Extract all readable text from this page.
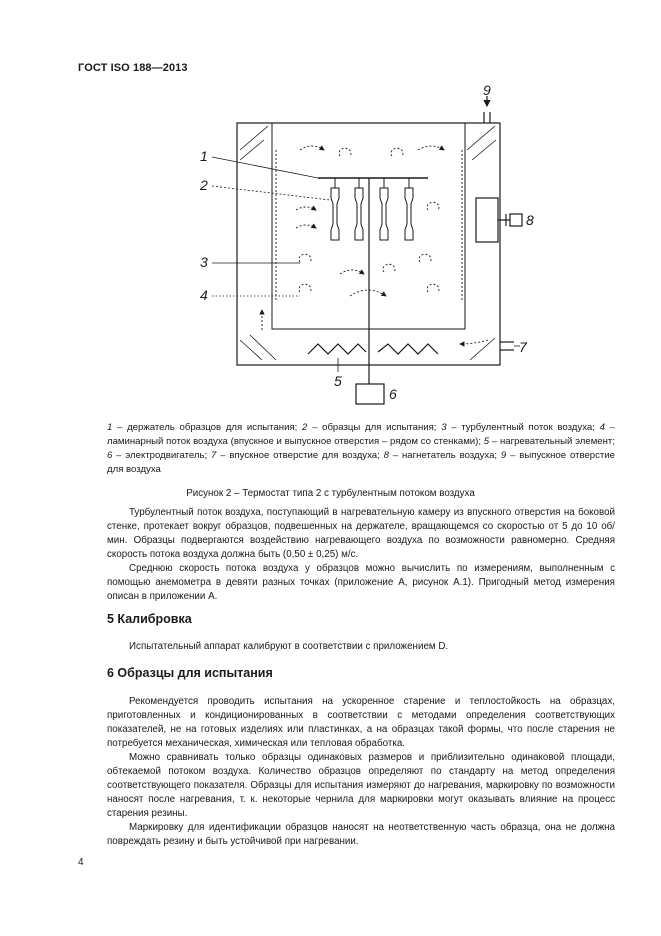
ГОСТ ISO 188—2013
1
2
3
4
5
6
7
8
9
1 – держатель образцов для испытания; 2 – образцы для испытания; 3 – турбулентный поток воздуха; 4 – ламинарный поток воздуха (впускное и выпускное отверстия – рядом со стенками); 5 – нагревательный элемент; 6 – электродвигатель; 7 – впускное отверстие для воздуха; 8 – нагнетатель воздуха; 9 – выпускное отверстие для воздуха
Рисунок 2 – Термостат типа 2 с турбулентным потоком воздуха

Турбулентный поток воздуха, поступающий в нагревательную камеру из впускного отверстия на боковой стенке, протекает вокруг образцов, подвешенных на держателе, вращающемся со скоростью от 5 до 10 об/мин. Образцы подвергаются воздействию нагревающего воздуха по возможности равномерно. Средняя скорость потока воздуха должна быть (0,50 ± 0,25) м/с.

Среднюю скорость потока воздуха у образцов можно вычислить по измерениям, выполненным с помощью анемометра в девяти разных точках (приложение А, рисунок А.1). Пригодный метод измерения описан в приложении А.

5 Калибровка

Испытательный аппарат калибруют в соответствии с приложением D.

6 Образцы для испытания

Рекомендуется проводить испытания на ускоренное старение и теплостойкость на образцах, приготовленных и кондиционированных в соответствии с методами определения соответствующих показателей, не на готовых изделиях или пластинках, а на образцах такой формы, что после старения не потребуется механическая, химическая или тепловая обработка.

Можно сравнивать только образцы одинаковых размеров и приблизительно одинаковой площади, обтекаемой потоком воздуха. Количество образцов определяют по стандарту на метод определения соответствующего показателя. Образцы для испытания измеряют до нагревания, маркировку по возможности наносят после нагревания, т. к. некоторые чернила для маркировки могут оказывать влияние на процесс старения резины.

Маркировку для идентификации образцов наносят на неответственную часть образца, она не должна повреждать резину и быть устойчивой при нагревании.

4
